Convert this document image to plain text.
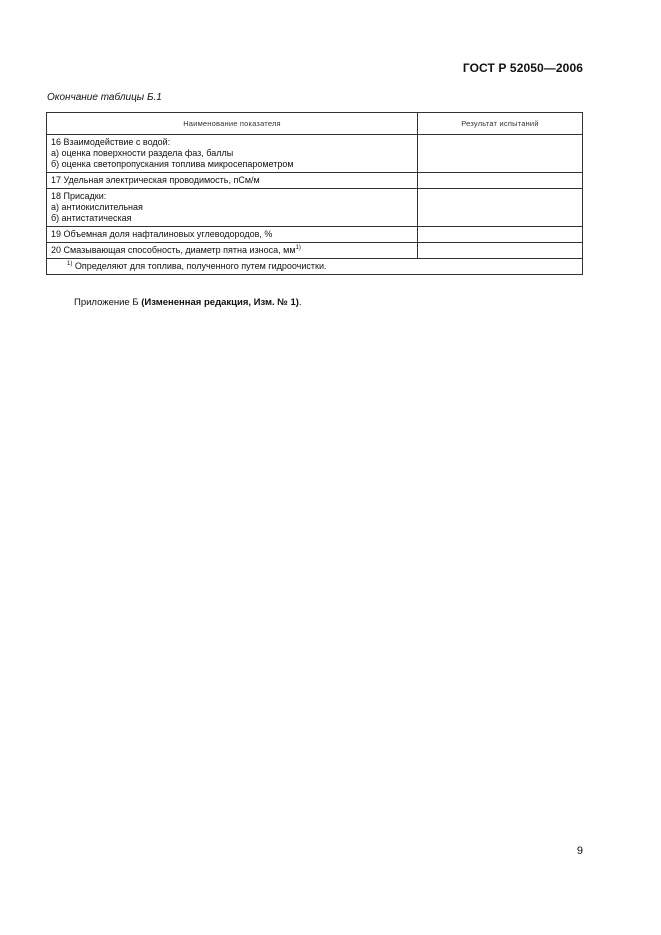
ГОСТ Р 52050—2006
Окончание таблицы Б.1
Наименование показателя	Результат испытаний

16 Взаимодействие с водой:
а) оценка поверхности раздела фаз, баллы
б) оценка светопропускания топлива микросепарометром	

17 Удельная электрическая проводимость, пСм/м	

18 Присадки:
а) антиокислительная
б) антистатическая	

19 Объемная доля нафталиновых углеводородов, %	

20 Смазывающая способность, диаметр пятна износа, $мм^{1)}$

$^{1)}$ Определяют для топлива, полученного путем гидроочистки.	
Приложение Б (Измененная редакция, Изм. № 1).
9
